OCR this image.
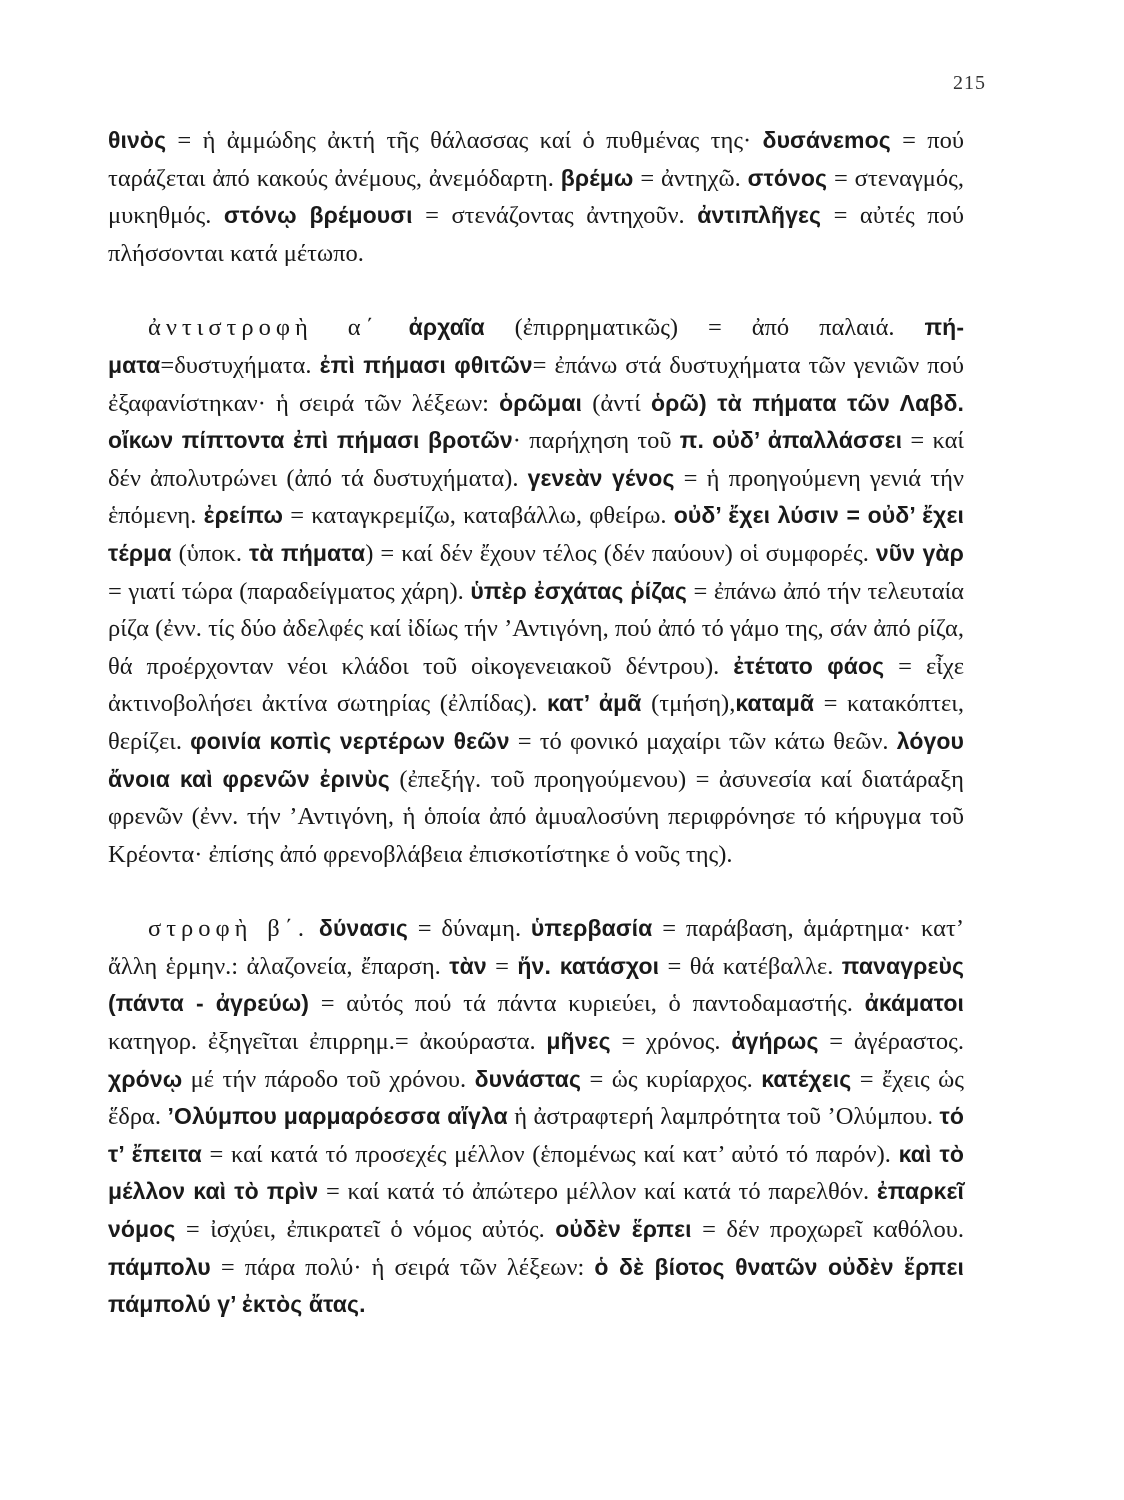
215

θινὸς = ἡ ἀμμώδης ἀκτή τῆς θάλασσας καί ὁ πυθμένας της· δυσάνεmος = πού ταράζεται ἀπό κακούς ἀνέμους, ἀνεμόδαρτη. βρέμω = ἀντηχῶ. στόνος = στεναγμός, μυκηθμός. στόνῳ βρέμουσι = στενάζοντας ἀντηχοῦν. ἀντιπλῆγες = αὐτές πού πλήσσονται κατά μέτωπο.

ἀντιστροφὴ α΄ ἀρχαῖα (ἐπιρρηματικῶς) = ἀπό παλαιά. πήματα=δυστυχήματα. ἐπὶ πήμασι φθιτῶν= ἐπάνω στά δυστυχήματα τῶν γενιῶν πού ἐξαφανίστηκαν· ἡ σειρά τῶν λέξεων: ὁρῶμαι (ἀντί ὁρῶ) τὰ πήματα τῶν Λαβδ. οἴκων πίπτοντα ἐπὶ πήμασι βροτῶν· παρήχηση τοῦ π. οὐδ’ ἀπαλλάσσει = καί δέν ἀπολυτρώνει (ἀπό τά δυστυχήματα). γενεὰν γένος = ἡ προηγούμενη γενιά τήν ἑπόμενη. ἐρείπω = καταγκρεμίζω, καταβάλλω, φθείρω. οὐδ’ ἔχει λύσιν = οὐδ’ ἔχει τέρμα (ὑποκ. τὰ πήματα) = καί δέν ἔχουν τέλος (δέν παύουν) οἱ συμφορές. νῦν γὰρ = γιατί τώρα (παραδείγματος χάρη). ὑπὲρ ἐσχάτας ῥίζας = ἐπάνω ἀπό τήν τελευταία ρίζα (ἐνν. τίς δύο ἀδελφές καί ἰδίως τήν ’Αντιγόνη, πού ἀπό τό γάμο της, σάν ἀπό ρίζα, θά προέρχονταν νέοι κλάδοι τοῦ οἰκογενειακοῦ δέντρου). ἐτέτατο φάος = εἶχε ἀκτινοβολήσει ἀκτίνα σωτηρίας (ἐλπίδας). κατ’ ἀμᾶ (τμήση),καταμᾶ = κατακόπτει, θερίζει. φοινία κοπὶς νερτέρων θεῶν = τό φονικό μαχαίρι τῶν κάτω θεῶν. λόγου ἄνοια καὶ φρενῶν ἐρινὺς (ἐπεξήγ. τοῦ προηγούμενου) = ἀσυνεσία καί διατάραξη φρενῶν (ἐνν. τήν ’Αντιγόνη, ἡ ὁποία ἀπό ἀμυαλοσύνη περιφρόνησε τό κήρυγμα τοῦ Κρέοντα· ἐπίσης ἀπό φρενοβλάβεια ἐπισκοτίστηκε ὁ νοῦς της).

στροφὴ β΄. δύνασις = δύναμη. ὑπερβασία = παράβαση, ἁμάρτημα· κατ’ ἄλλη ἑρμην.: ἀλαζονεία, ἔπαρση. τὰν = ἥν. κατάσχοι = θά κατέβαλλε. παναγρεὺς (πάντα - ἀγρεύω) = αὐτός πού τά πάντα κυριεύει, ὁ παντοδαμαστής. ἀκάματοι κατηγορ. ἐξηγεῖται ἐπιρρημ.= ἀκούραστα. μῆνες = χρόνος. ἀγήρως = ἀγέραστος. χρόνῳ μέ τήν πάροδο τοῦ χρόνου. δυνάστας = ὡς κυρίαρχος. κατέχεις = ἔχεις ὡς ἕδρα. ’Ολύμπου μαρμαρόεσσα αἴγλα ἡ ἀστραφτερή λαμπρότητα τοῦ ’Ολύμπου. τό τ’ ἔπειτα = καί κατά τό προσεχές μέλλον (ἑπομένως καί κατ’ αὐτό τό παρόν). καὶ τὸ μέλλον καὶ τὸ πρὶν = καί κατά τό ἀπώτερο μέλλον καί κατά τό παρελθόν. ἐπαρκεῖ νόμος = ἰσχύει, ἐπικρατεῖ ὁ νόμος αὐτός. οὐδὲν ἕρπει = δέν προχωρεῖ καθόλου. πάμπολυ = πάρα πολύ· ἡ σειρά τῶν λέξεων: ὁ δὲ βίοτος θνατῶν οὐδὲν ἕρπει πάμπολύ γ’ ἐκτὸς ἄτας.
